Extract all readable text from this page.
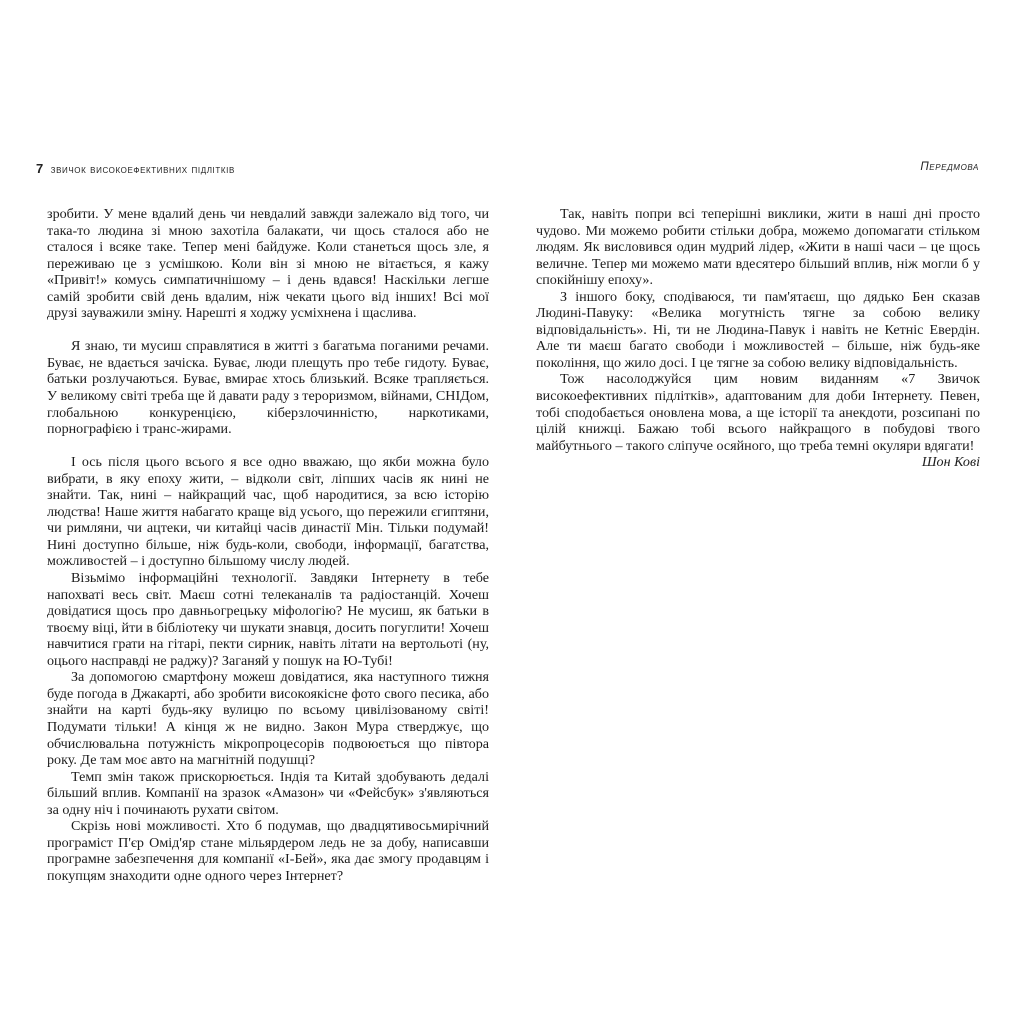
7 звичок високоефективних підлітків	Передмова

зробити. У мене вдалий день чи невдалий завжди залежало від того, чи така-то людина зі мною захотіла балакати, чи щось сталося або не сталося і всяке таке. Тепер мені байдуже. Коли станеться щось зле, я переживаю це з усмішкою. Коли він зі мною не вітається, я кажу «Привіт!» комусь симпатичнішому – і день вдався! Наскільки легше самій зробити свій день вдалим, ніж чекати цього від інших! Всі мої друзі зауважили зміну. Нарешті я ходжу усміхнена і щаслива.

Я знаю, ти мусиш справлятися в житті з багатьма поганими речами. Буває, не вдається зачіска. Буває, люди плещуть про тебе гидоту. Буває, батьки розлучаються. Буває, вмирає хтось близький. Всяке трапляється. У великому світі треба ще й давати раду з тероризмом, війнами, СНІДом, глобальною конкуренцією, кіберзлочинністю, наркотиками, порнографією і транс-жирами.

І ось після цього всього я все одно вважаю, що якби можна було вибрати, в яку епоху жити, – відколи світ, ліпших часів як нині не знайти. Так, нині – найкращий час, щоб народитися, за всю історію людства! Наше життя набагато краще від усього, що пережили єгиптяни, чи римляни, чи ацтеки, чи китайці часів династії Мін. Тільки подумай! Нині доступно більше, ніж будь-коли, свободи, інформації, багатства, можливостей – і доступно більшому числу людей.

Візьмімо інформаційні технології. Завдяки Інтернету в тебе напохваті весь світ. Маєш сотні телеканалів та радіостанцій. Хочеш довідатися щось про давньогрецьку міфологію? Не мусиш, як батьки в твоєму віці, йти в бібліотеку чи шукати знавця, досить погуглити! Хочеш навчитися грати на гітарі, пекти сирник, навіть літати на вертольоті (ну, оцього насправді не раджу)? Заганяй у пошук на Ю-Тубі!

За допомогою смартфону можеш довідатися, яка наступного тижня буде погода в Джакарті, або зробити високоякісне фото свого песика, або знайти на карті будь-яку вулицю по всьому цивілізованому світі! Подумати тільки! А кінця ж не видно. Закон Мура стверджує, що обчислювальна потужність мікропроцесорів подвоюється що півтора року. Де там моє авто на магнітній подушці?

Темп змін також прискорюється. Індія та Китай здобувають дедалі більший вплив. Компанії на зразок «Амазон» чи «Фейсбук» з'являються за одну ніч і починають рухати світом.

Скрізь нові можливості. Хто б подумав, що двадцятивосьмирічний програміст П'єр Омід'яр стане мільярдером ледь не за добу, написавши програмне забезпечення для компанії «І-Бей», яка дає змогу продавцям і покупцям знаходити одне одного через Інтернет?

Так, навіть попри всі теперішні виклики, жити в наші дні просто чудово. Ми можемо робити стільки добра, можемо допомагати стільком людям. Як висловився один мудрий лідер, «Жити в наші часи – це щось величне. Тепер ми можемо мати вдесятеро більший вплив, ніж могли б у спокійнішу епоху».

З іншого боку, сподіваюся, ти пам'ятаєш, що дядько Бен сказав Людині-Павуку: «Велика могутність тягне за собою велику відповідальність». Ні, ти не Людина-Павук і навіть не Кетніс Евердін. Але ти маєш багато свободи і можливостей – більше, ніж будь-яке покоління, що жило досі. І це тягне за собою велику відповідальність.

Тож насолоджуйся цим новим виданням «7 Звичок високоефективних підлітків», адаптованим для доби Інтернету. Певен, тобі сподобається оновлена мова, а ще історії та анекдоти, розсипані по цілій книжці. Бажаю тобі всього найкращого в побудові твого майбутнього – такого сліпуче осяйного, що треба темні окуляри вдягати!

Шон Кові
